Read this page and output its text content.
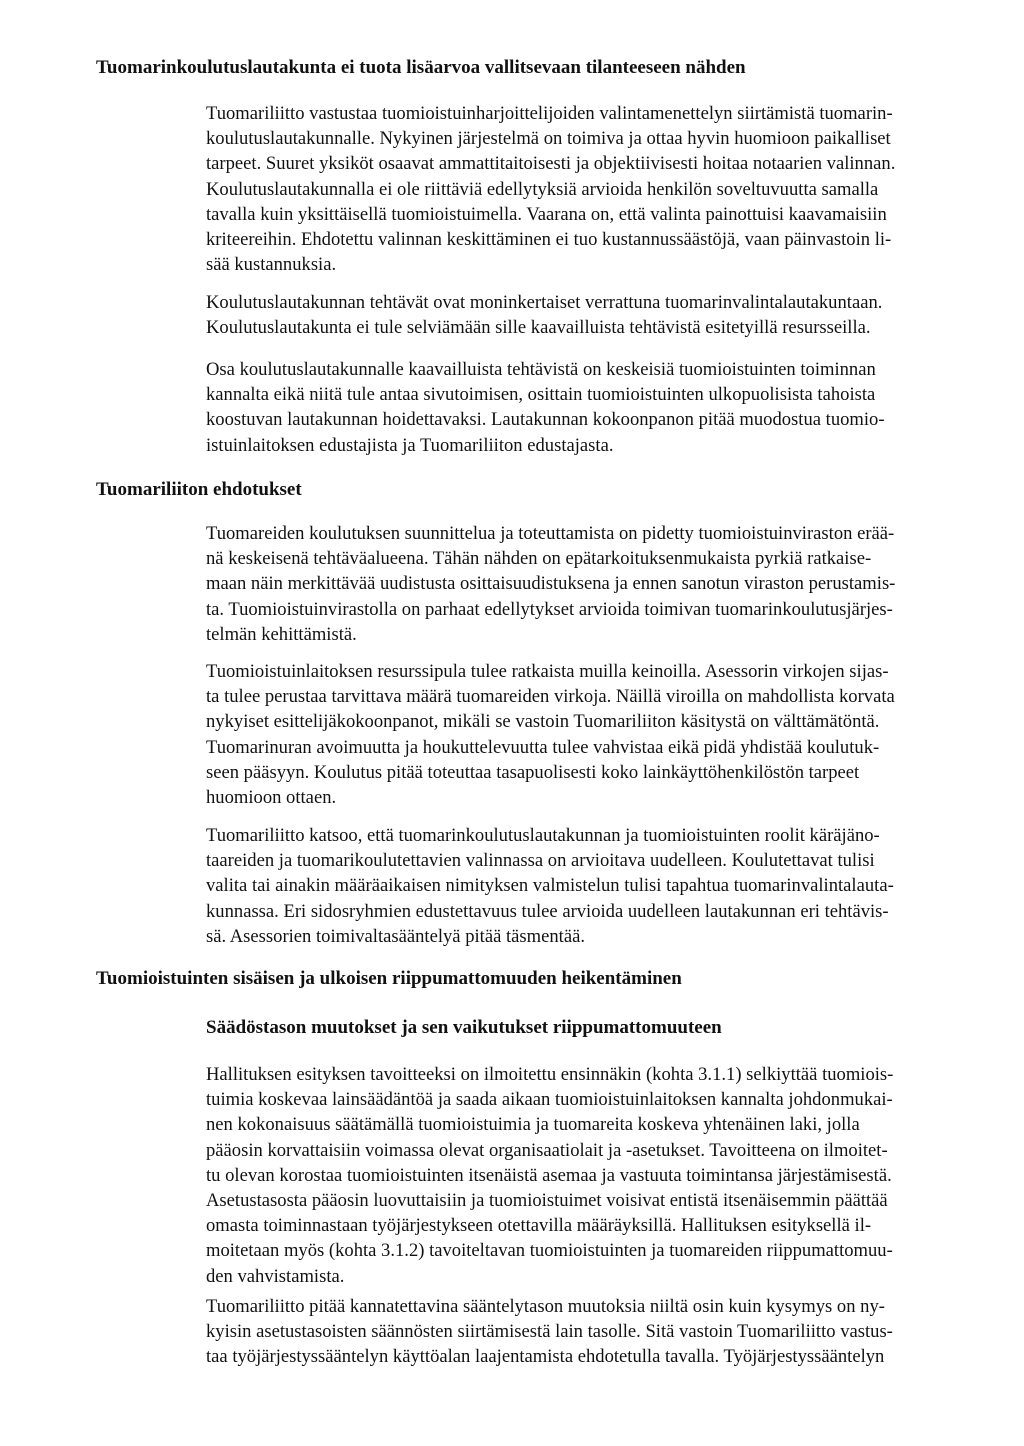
Tuomarinkoulutuslautakunta ei tuota lisäarvoa vallitsevaan tilanteeseen nähden
Tuomariliiton ehdotukset
Tuomioistuinten sisäisen ja ulkoisen riippumattomuuden heikentäminen
Säädöstason muutokset ja sen vaikutukset riippumattomuuteen
Tuomariliitto vastustaa tuomioistuinharjoittelijoiden valintamenettelyn siirtämistä tuomarin-
koulutuslautakunnalle. Nykyinen järjestelmä on toimiva ja ottaa hyvin huomioon paikalliset
tarpeet. Suuret yksiköt osaavat ammattitaitoisesti ja objektiivisesti hoitaa notaarien valinnan.
Koulutuslautakunnalla ei ole riittäviä edellytyksiä arvioida henkilön soveltuvuutta samalla
tavalla kuin yksittäisellä tuomioistuimella. Vaarana on, että valinta painottuisi kaavamaisiin
kriteereihin. Ehdotettu valinnan keskittäminen ei tuo kustannussäästöjä, vaan päinvastoin li-
sää kustannuksia.
Koulutuslautakunnan tehtävät ovat moninkertaiset verrattuna tuomarinvalintalautakuntaan.
Koulutuslautakunta ei tule selviämään sille kaavailluista tehtävistä esitetyillä resursseilla.
Osa koulutuslautakunnalle kaavailluista tehtävistä on keskeisiä tuomioistuinten toiminnan
kannalta eikä niitä tule antaa sivutoimisen, osittain tuomioistuinten ulkopuolisista tahoista
koostuvan lautakunnan hoidettavaksi. Lautakunnan kokoonpanon pitää muodostua tuomio-
istuinlaitoksen edustajista ja Tuomariliiton edustajasta.
Tuomareiden koulutuksen suunnittelua ja toteuttamista on pidetty tuomioistuinviraston erää-
nä keskeisenä tehtäväalueena. Tähän nähden on epätarkoituksenmukaista pyrkiä ratkaise-
maan näin merkittävää uudistusta osittaisuudistuksena ja ennen sanotun viraston perustamis-
ta. Tuomioistuinvirastolla on parhaat edellytykset arvioida toimivan tuomarinkoulutusjärjes-
telmän kehittämistä.
Tuomioistuinlaitoksen resurssipula tulee ratkaista muilla keinoilla. Asessorin virkojen sijas-
ta tulee perustaa tarvittava määrä tuomareiden virkoja. Näillä viroilla on mahdollista korvata
nykyiset esittelijäkokoonpanot, mikäli se vastoin Tuomariliiton käsitystä on välttämätöntä.
Tuomarinuran avoimuutta ja houkuttelevuutta tulee vahvistaa eikä pidä yhdistää koulutuk-
seen pääsyyn. Koulutus pitää toteuttaa tasapuolisesti koko lainkäyttöhenkilöstön tarpeet
huomioon ottaen.
Tuomariliitto katsoo, että tuomarinkoulutuslautakunnan ja tuomioistuinten roolit käräjäno-
taareiden ja tuomarikoulutettavien valinnassa on arvioitava uudelleen. Koulutettavat tulisi
valita tai ainakin määräaikaisen nimityksen valmistelun tulisi tapahtua tuomarinvalintalauta-
kunnassa. Eri sidosryhmien edustettavuus tulee arvioida uudelleen lautakunnan eri tehtävis-
sä. Asessorien toimivaltasääntelyä pitää täsmentää.
Hallituksen esityksen tavoitteeksi on ilmoitettu ensinnäkin (kohta 3.1.1) selkiyttää tuomiois-
tuimia koskevaa lainsäädäntöä ja saada aikaan tuomioistuinlaitoksen kannalta johdonmukai-
nen kokonaisuus säätämällä tuomioistuimia ja tuomareita koskeva yhtenäinen laki, jolla
pääosin korvattaisiin voimassa olevat organisaatiolait ja -asetukset. Tavoitteena on ilmoitet-
tu olevan korostaa tuomioistuinten itsenäistä asemaa ja vastuuta toimintansa järjestämisestä.
Asetustasosta pääosin luovuttaisiin ja tuomioistuimet voisivat entistä itsenäisemmin päättää
omasta toiminnastaan työjärjestykseen otettavilla määräyksillä. Hallituksen esityksellä il-
moitetaan myös (kohta 3.1.2) tavoiteltavan tuomioistuinten ja tuomareiden riippumattomuu-
den vahvistamista.
Tuomariliitto pitää kannatettavina sääntelytason muutoksia niiltä osin kuin kysymys on ny-
kyisin asetustasoisten säännösten siirtämisestä lain tasolle. Sitä vastoin Tuomariliitto vastus-
taa työjärjestyssääntelyn käyttöalan laajentamista ehdotetulla tavalla. Työjärjestyssääntelyn
